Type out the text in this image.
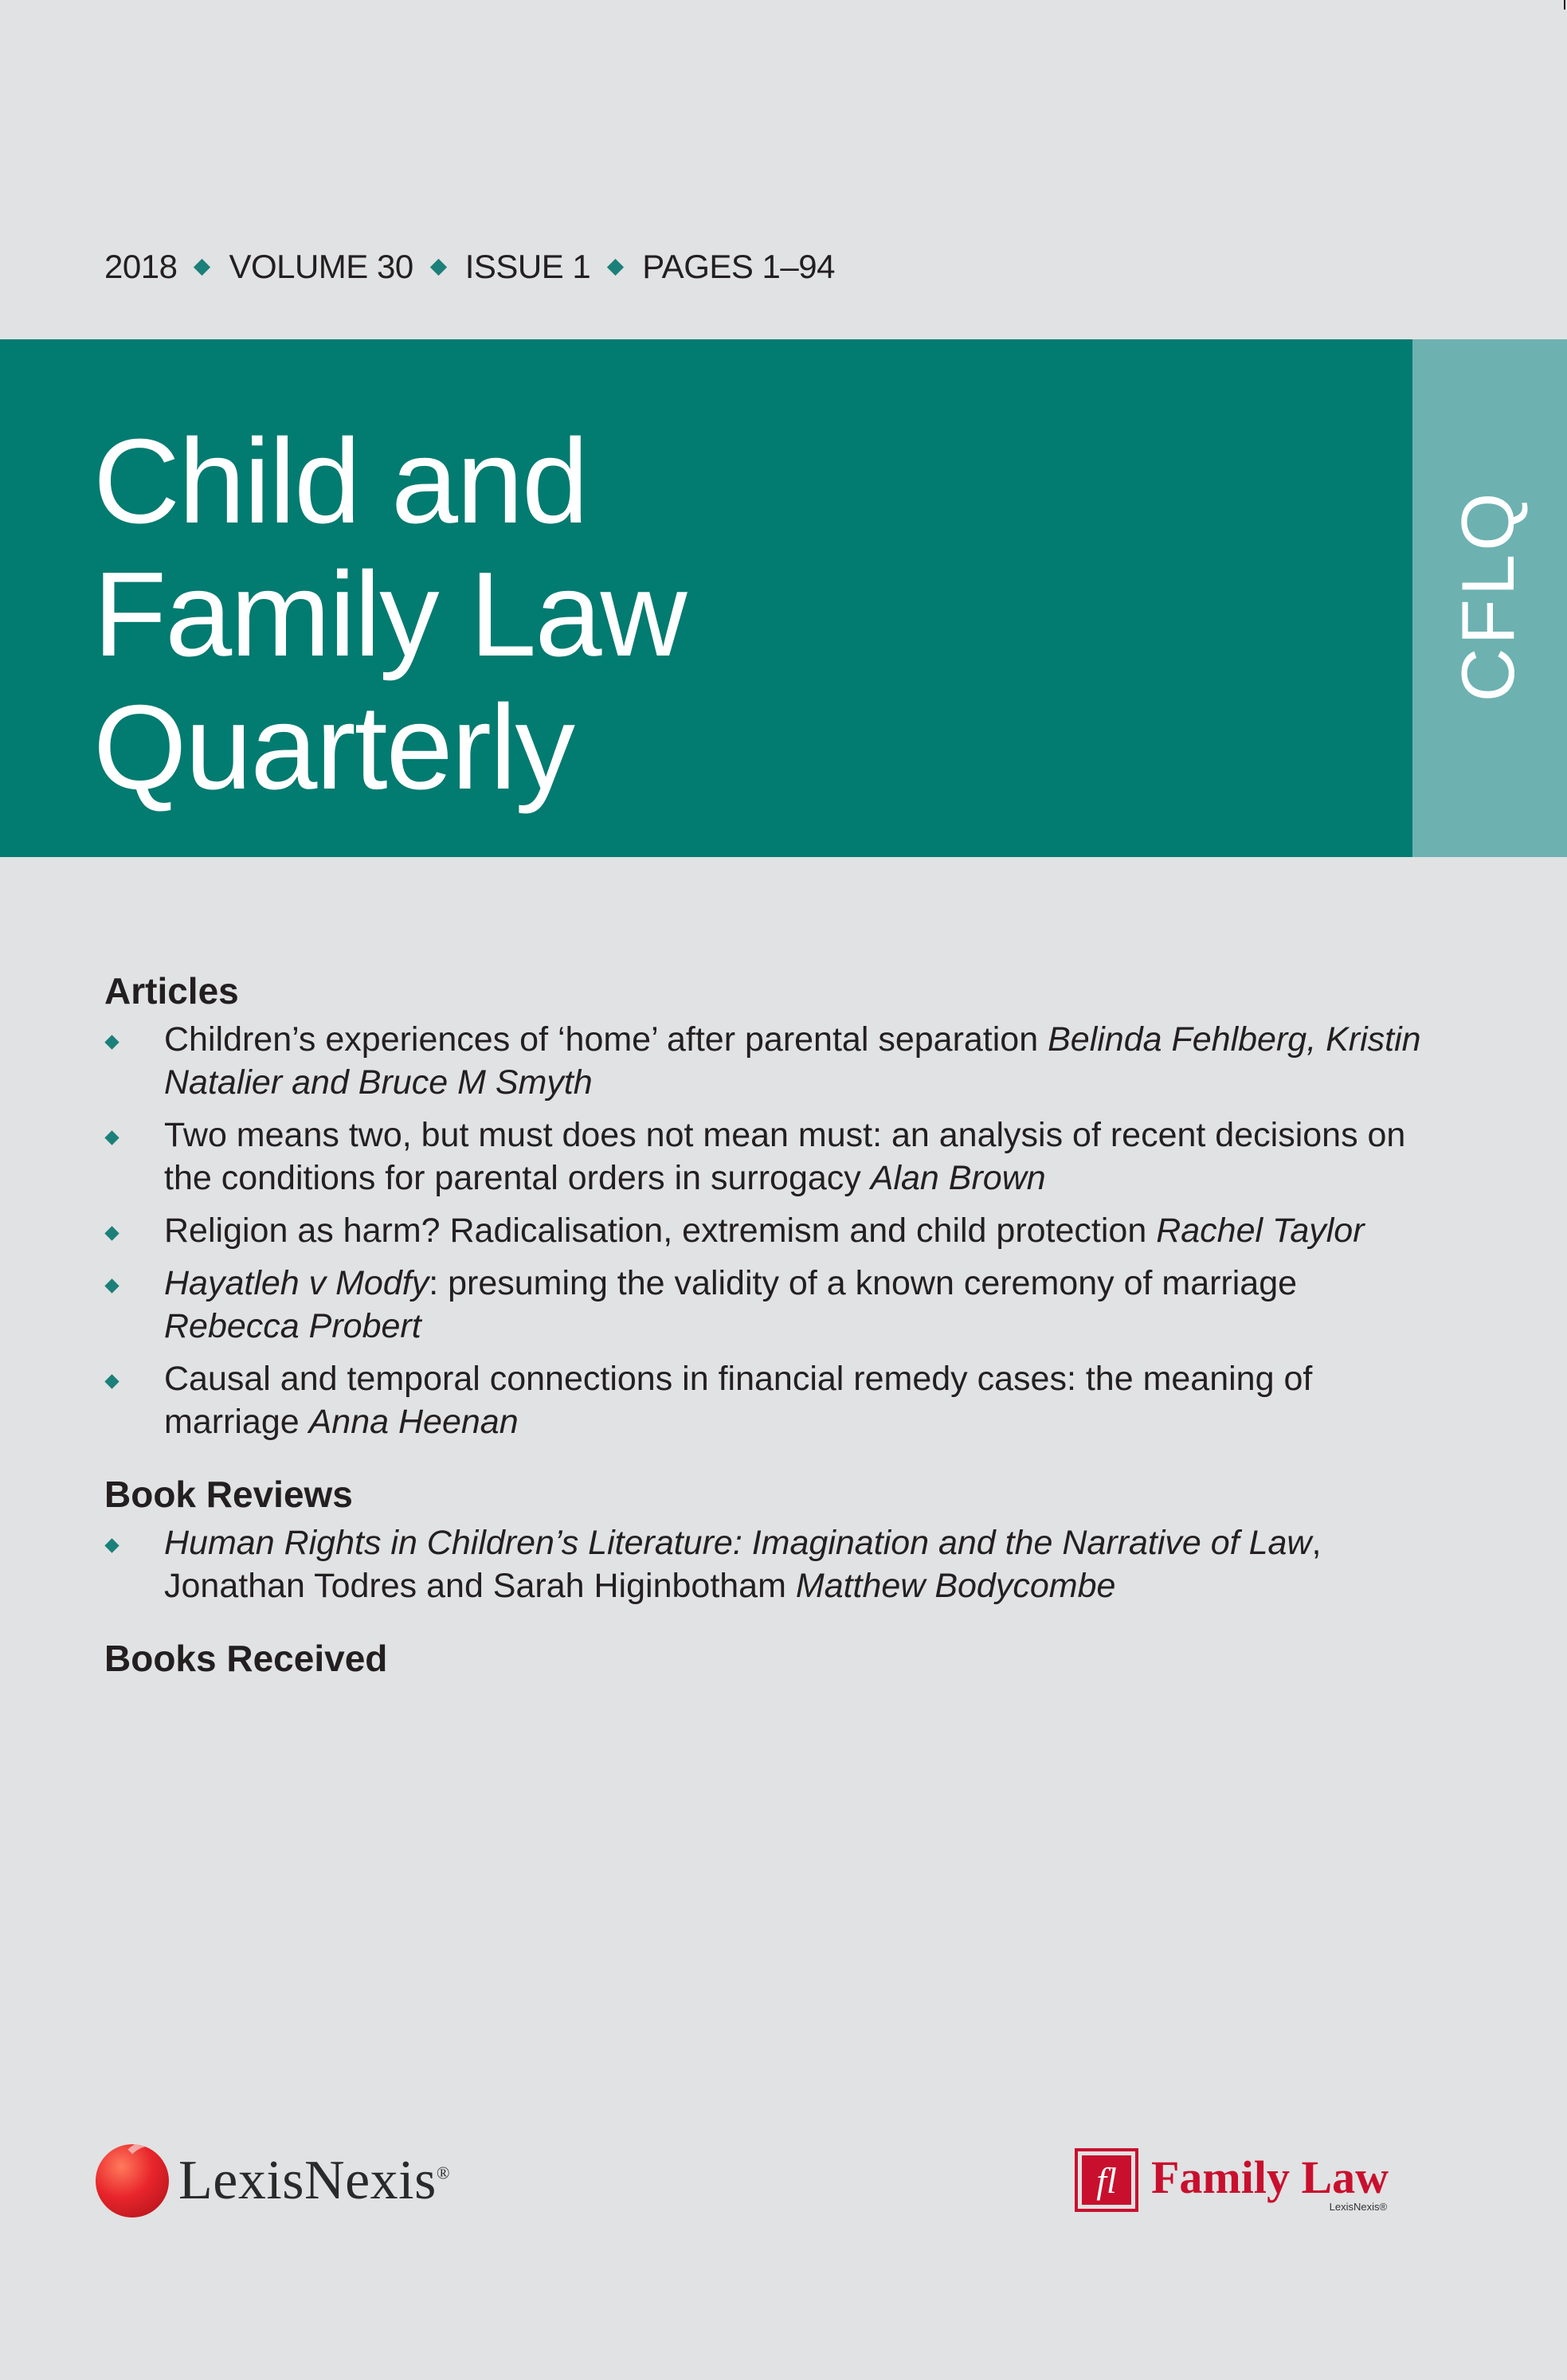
2018 VOLUME 30 ISSUE 1 PAGES 1–94
Child and
Family Law
Quarterly
CFLQ
Articles
Children’s experiences of ‘home’ after parental separation Belinda Fehlberg, Kristin Natalier and Bruce M Smyth
Two means two, but must does not mean must: an analysis of recent decisions on the conditions for parental orders in surrogacy Alan Brown
Religion as harm? Radicalisation, extremism and child protection Rachel Taylor
Hayatleh v Modfy: presuming the validity of a known ceremony of marriage Rebecca Probert
Causal and temporal connections in financial remedy cases: the meaning of marriage Anna Heenan
Book Reviews
Human Rights in Children’s Literature: Imagination and the Narrative of Law, Jonathan Todres and Sarah Higinbotham Matthew Bodycombe
Books Received
LexisNexis®	fl Family Law
LexisNexis®
